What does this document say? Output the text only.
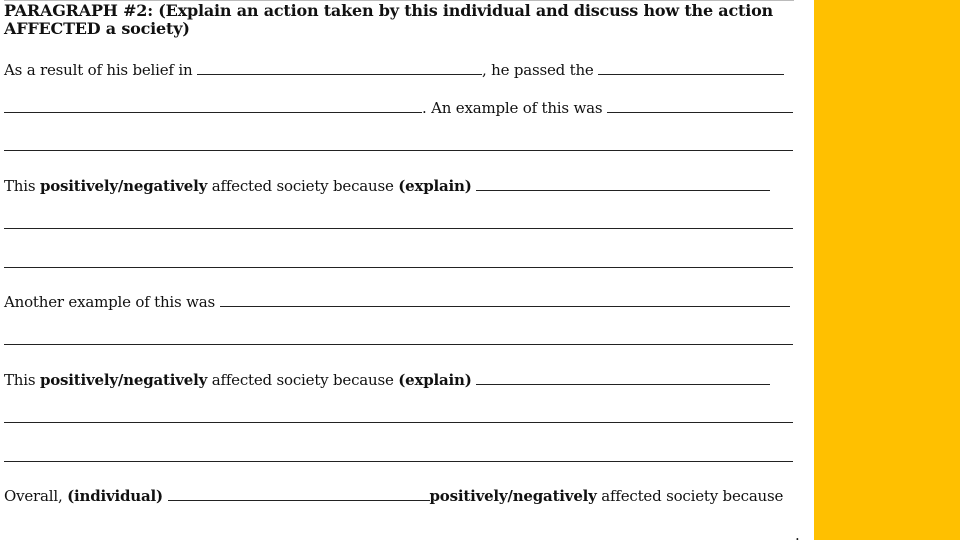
PARAGRAPH #2: (Explain an action taken by this individual and discuss how the action
AFFECTED a society)
As a result of his belief in	, he passed the
. An example of this was
This positively/negatively affected society because (explain)
Another example of this was
This positively/negatively affected society because (explain)
Overall, (individual)	positively/negatively affected society because
.
